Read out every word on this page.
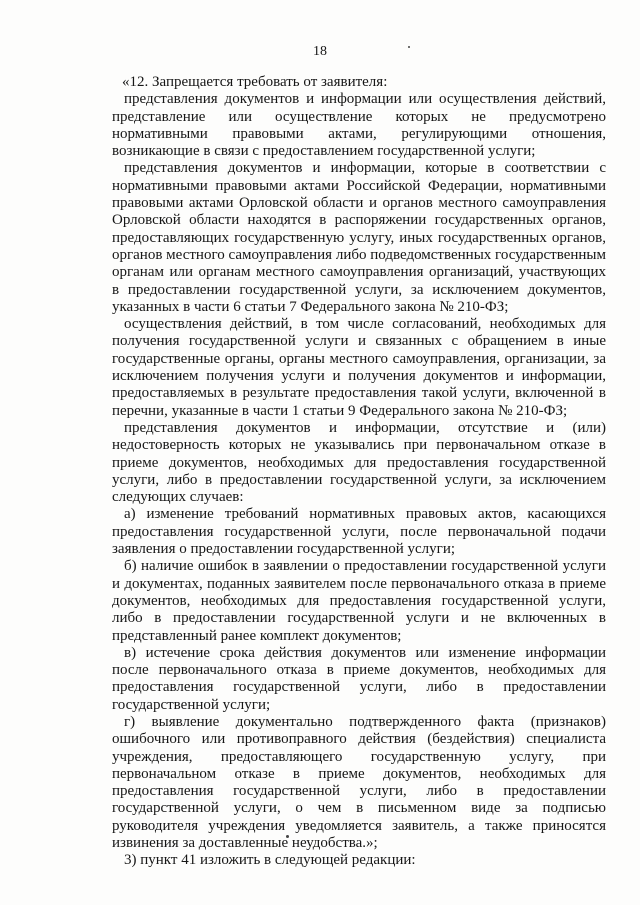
18

«12. Запрещается требовать от заявителя:

представления документов и информации или осуществления действий, представление или осуществление которых не предусмотрено нормативными правовыми актами, регулирующими отношения, возникающие в связи с предоставлением государственной услуги;

представления документов и информации, которые в соответствии с нормативными правовыми актами Российской Федерации, нормативными правовыми актами Орловской области и органов местного самоуправления Орловской области находятся в распоряжении государственных органов, предоставляющих государственную услугу, иных государственных органов, органов местного самоуправления либо подведомственных государственным органам или органам местного самоуправления организаций, участвующих в предоставлении государственной услуги, за исключением документов, указанных в части 6 статьи 7 Федерального закона № 210-ФЗ;

осуществления действий, в том числе согласований, необходимых для получения государственной услуги и связанных с обращением в иные государственные органы, органы местного самоуправления, организации, за исключением получения услуги и получения документов и информации, предоставляемых в результате предоставления такой услуги, включенной в перечни, указанные в части 1 статьи 9 Федерального закона № 210-ФЗ;

представления документов и информации, отсутствие и (или) недостоверность которых не указывались при первоначальном отказе в приеме документов, необходимых для предоставления государственной услуги, либо в предоставлении государственной услуги, за исключением следующих случаев:

а) изменение требований нормативных правовых актов, касающихся предоставления государственной услуги, после первоначальной подачи заявления о предоставлении государственной услуги;

б) наличие ошибок в заявлении о предоставлении государственной услуги и документах, поданных заявителем после первоначального отказа в приеме документов, необходимых для предоставления государственной услуги, либо в предоставлении государственной услуги и не включенных в представленный ранее комплект документов;

в) истечение срока действия документов или изменение информации после первоначального отказа в приеме документов, необходимых для предоставления государственной услуги, либо в предоставлении государственной услуги;

г) выявление документально подтвержденного факта (признаков) ошибочного или противоправного действия (бездействия) специалиста учреждения, предоставляющего государственную услугу, при первоначальном отказе в приеме документов, необходимых для предоставления государственной услуги, либо в предоставлении государственной услуги, о чем в письменном виде за подписью руководителя учреждения уведомляется заявитель, а также приносятся извинения за доставленные неудобства.»;

3) пункт 41 изложить в следующей редакции:
